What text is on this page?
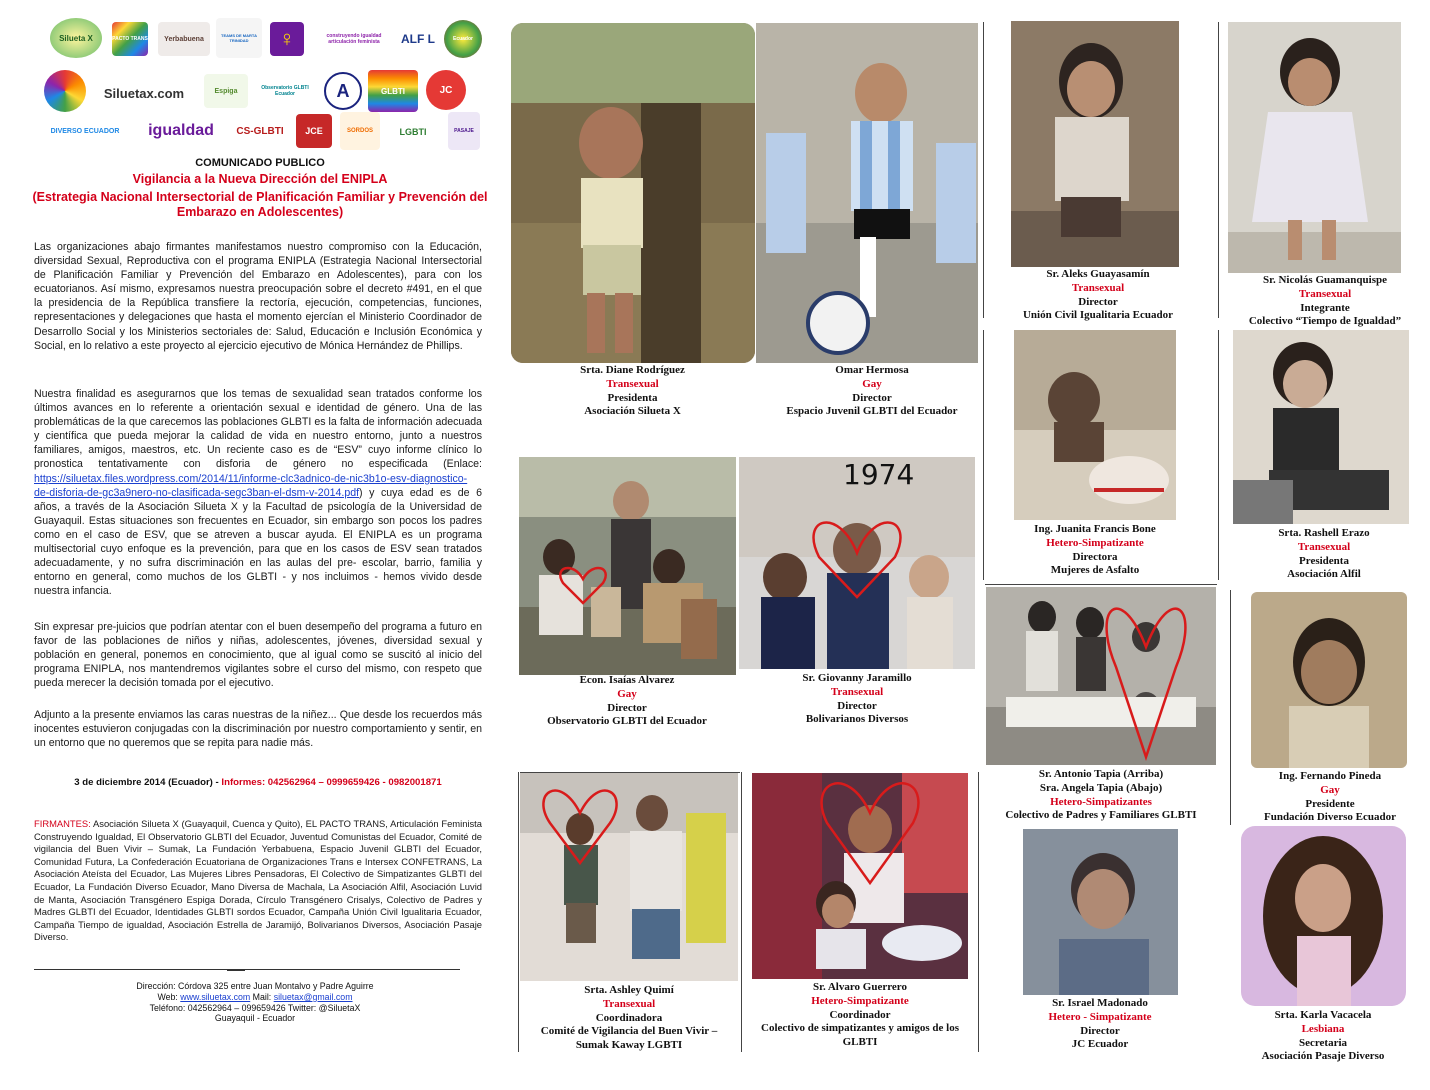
Silueta X	PACTO TRANS Yerbabuena	TEAMS DE MARTA TRINIDAD	♀	construyendo igualdad articulación feminista	ALF L	Ecuador
Siluetax.com	Espiga	Observatorio GLBTI Ecuador	A	GLBTI	JC
DIVERSO ECUADOR igualdad CS-GLBTI JCE	SORDOS	LGBTI	PASAJE
COMUNICADO PUBLICO
Vigilancia a la Nueva Dirección del ENIPLA
(Estrategia Nacional Intersectorial de Planificación Familiar y Prevención del Embarazo en Adolescentes)

Las organizaciones abajo firmantes manifestamos nuestro compromiso con la Educación, diversidad Sexual, Reproductiva con el programa ENIPLA (Estrategia Nacional Intersectorial de Planificación Familiar y Prevención del Embarazo en Adolescentes), para con los ecuatorianos. Así mismo, expresamos nuestra preocupación sobre el decreto #491, en el que la presidencia de la República transfiere la rectoría, ejecución, competencias, funciones, representaciones y delegaciones que hasta el momento ejercían el Ministerio Coordinador de Desarrollo Social y los Ministerios sectoriales de: Salud, Educación e Inclusión Económica y Social, en lo relativo a este proyecto al ejercicio ejecutivo de Mónica Hernández de Phillips.

Nuestra finalidad es asegurarnos que los temas de sexualidad sean tratados conforme los últimos avances en lo referente a orientación sexual e identidad de género. Una de las problemáticas de la que carecemos las poblaciones GLBTI es la falta de información adecuada y científica que pueda mejorar la calidad de vida en nuestro entorno, junto a nuestros familiares, amigos, maestros, etc. Un reciente caso es de “ESV” cuyo informe clínico lo pronostica tentativamente con disforia de género no especificada (Enlace: https://siluetax.files.wordpress.com/2014/11/informe-clc3adnico-de-nic3b1o-esv-diagnostico-de-disforia-de-gc3a9nero-no-clasificada-segc3ban-el-dsm-v-2014.pdf) y cuya edad es de 6 años, a través de la Asociación Silueta X y la Facultad de psicología de la Universidad de Guayaquil. Estas situaciones son frecuentes en Ecuador, sin embargo son pocos los padres como en el caso de ESV, que se atreven a buscar ayuda. El ENIPLA es un programa multisectorial cuyo enfoque es la prevención, para que en los casos de ESV sean tratados adecuadamente, y no sufra discriminación en las aulas del pre- escolar, barrio, familia y entorno en general, como muchos de los GLBTI - y nos incluimos - hemos vivido desde nuestra infancia.

Sin expresar pre-juicios que podrían atentar con el buen desempeño del programa a futuro en favor de las poblaciones de niños y niñas, adolescentes, jóvenes, diversidad sexual y población en general, ponemos en conocimiento, que al igual como se suscitó al inicio del programa ENIPLA, nos mantendremos vigilantes sobre el curso del mismo, con respeto que pueda merecer la decisión tomada por el ejecutivo.

Adjunto a la presente enviamos las caras nuestras de la niñez... Que desde los recuerdos más inocentes estuvieron conjugadas con la discriminación por nuestro comportamiento y sentir, en un entorno que no queremos que se repita para nadie más.

3 de diciembre 2014 (Ecuador) - Informes: 042562964 – 0999659426 - 0982001871

FIRMANTES: Asociación Silueta X (Guayaquil, Cuenca y Quito), EL PACTO TRANS, Articulación Feminista Construyendo Igualdad, El Observatorio GLBTI del Ecuador, Juventud Comunistas del Ecuador, Comité de vigilancia del Buen Vivir – Sumak, La Fundación Yerbabuena, Espacio Juvenil GLBTI del Ecuador, Comunidad Futura, La Confederación Ecuatoriana de Organizaciones Trans e Intersex CONFETRANS, La Asociación Ateísta del Ecuador, Las Mujeres Libres Pensadoras, El Colectivo de Simpatizantes GLBTI del Ecuador, La Fundación Diverso Ecuador, Mano Diversa de Machala, La Asociación Alfil, Asociación Luvid de Manta, Asociación Transgénero Espiga Dorada, Círculo Transgénero Crisalys, Colectivo de Padres y Madres GLBTI del Ecuador, Identidades GLBTI sordos Ecuador, Campaña Unión Civil Igualitaria Ecuador, Campaña Tiempo de igualdad, Asociación Estrella de Jaramijó, Bolivarianos Diversos, Asociación Pasaje Diverso.

Dirección: Córdova 325 entre Juan Montalvo y Padre Aguirre
Web: www.siluetax.com Mail: siluetax@gmail.com
Teléfono: 042562964 – 099659426 Twitter: @SiluetaX
Guayaquil - Ecuador
1974
Srta. Diane Rodríguez
Transexual
Presidenta
Asociación Silueta X
Omar Hermosa
Gay
Director
Espacio Juvenil GLBTI del Ecuador
Sr. Aleks Guayasamín
Transexual
Director
Unión Civil Igualitaria Ecuador
Sr. Nicolás Guamanquispe
Transexual
Integrante
Colectivo “Tiempo de Igualdad”
Ing. Juanita Francis Bone
Hetero-Simpatizante
Directora
Mujeres de Asfalto
Srta. Rashell Erazo
Transexual
Presidenta
Asociación Alfil
Econ. Isaías Alvarez
Gay
Director
Observatorio GLBTI del Ecuador
Sr. Giovanny Jaramillo
Transexual
Director
Bolivarianos Diversos
Sr. Antonio Tapia (Arriba)
Sra. Angela Tapia (Abajo)
Hetero-Simpatizantes
Colectivo de Padres y Familiares GLBTI
Ing. Fernando Pineda
Gay
Presidente
Fundación Diverso Ecuador
Srta. Ashley Quimí
Transexual
Coordinadora
Comité de Vigilancia del Buen Vivir –
Sumak Kaway LGBTI
Sr. Alvaro Guerrero
Hetero-Simpatizante
Coordinador
Colectivo de simpatizantes y amigos de los
GLBTI
Sr. Israel Madonado
Hetero - Simpatizante
Director
JC Ecuador
Srta. Karla Vacacela
Lesbiana
Secretaria
Asociación Pasaje Diverso
